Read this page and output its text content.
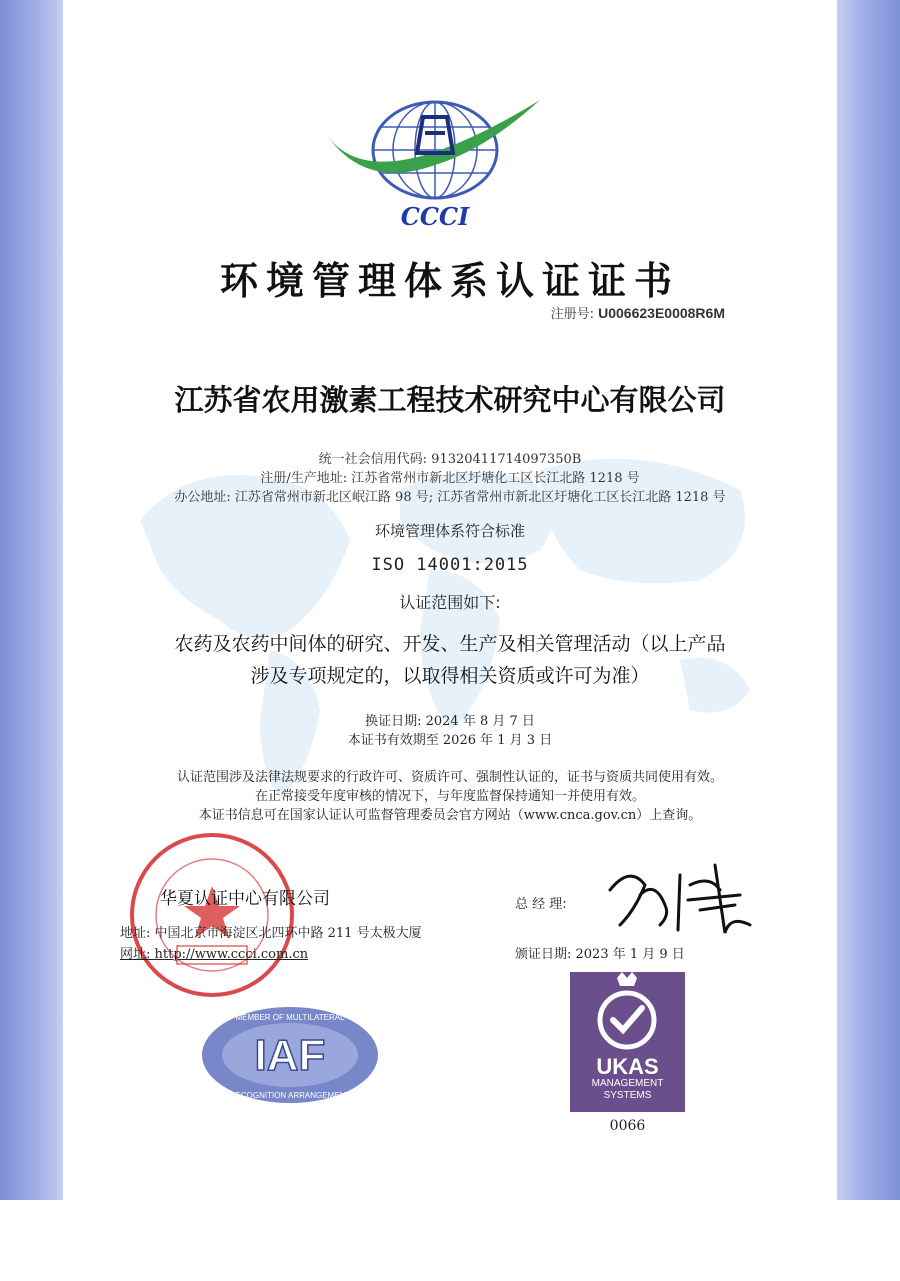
CCCI
环境管理体系认证证书
注册号: U006623E0008R6M
江苏省农用激素工程技术研究中心有限公司
统一社会信用代码: 91320411714097350B
注册/生产地址: 江苏省常州市新北区圩塘化工区长江北路 1218 号
办公地址: 江苏省常州市新北区岷江路 98 号; 江苏省常州市新北区圩塘化工区长江北路 1218 号
环境管理体系符合标准
ISO 14001:2015
认证范围如下:
农药及农药中间体的研究、开发、生产及相关管理活动（以上产品
涉及专项规定的，以取得相关资质或许可为准）
换证日期: 2024 年 8 月 7 日
本证书有效期至 2026 年 1 月 3 日
认证范围涉及法律法规要求的行政许可、资质许可、强制性认证的，证书与资质共同使用有效。
在正常接受年度审核的情况下，与年度监督保持通知一并使用有效。
本证书信息可在国家认证认可监督管理委员会官方网站（www.cnca.gov.cn）上查询。
华夏认证中心有限公司
地址: 中国北京市海淀区北四环中路 211 号太极大厦
网址: http://www.ccci.com.cn
总 经 理:
颁证日期: 2023 年 1 月 9 日
IAF
MEMBER OF MULTILATERAL
RECOGNITION ARRANGEMENT
UKAS
MANAGEMENT
SYSTEMS
0066
